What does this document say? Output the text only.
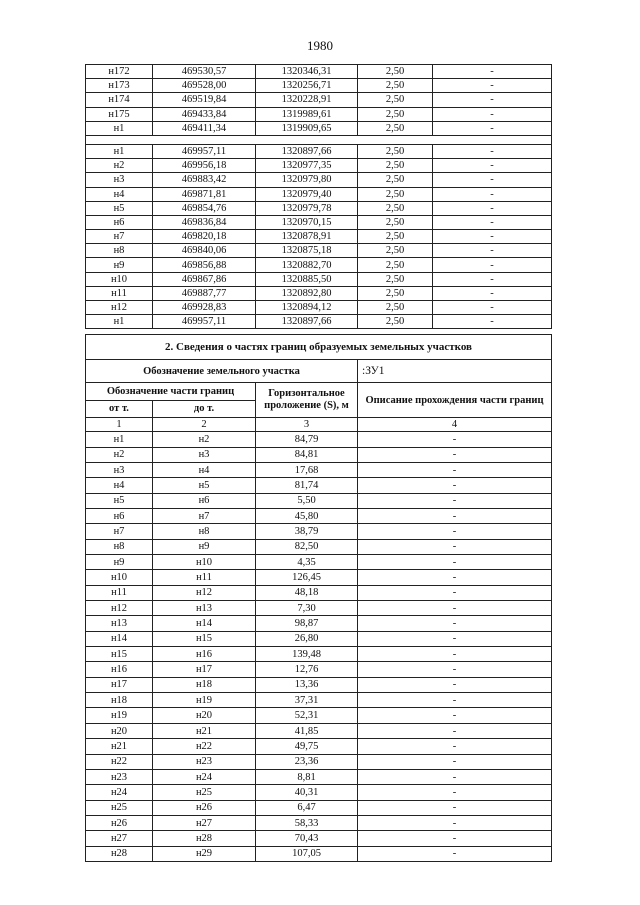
1980
н172	469530,57	1320346,31	2,50	-
н173	469528,00	1320256,71	2,50	-
н174	469519,84	1320228,91	2,50	-
н175	469433,84	1319989,61	2,50	-
н1	469411,34	1319909,65	2,50	-

н1	469957,11	1320897,66	2,50	-
н2	469956,18	1320977,35	2,50	-
н3	469883,42	1320979,80	2,50	-
н4	469871,81	1320979,40	2,50	-
н5	469854,76	1320979,78	2,50	-
н6	469836,84	1320970,15	2,50	-
н7	469820,18	1320878,91	2,50	-
н8	469840,06	1320875,18	2,50	-
н9	469856,88	1320882,70	2,50	-
н10	469867,86	1320885,50	2,50	-
н11	469887,77	1320892,80	2,50	-
н12	469928,83	1320894,12	2,50	-
н1	469957,11	1320897,66	2,50	-
2. Сведения о частях границ образуемых земельных участков			
Обозначение земельного участка			:ЗУ1
Обозначение части границ		Горизонтальное проложение (S), м	Описание прохождения части границ
от т.	до т.		
1	2	3	4
н1	н2	84,79	-
н2	н3	84,81	-
н3	н4	17,68	-
н4	н5	81,74	-
н5	н6	5,50	-
н6	н7	45,80	-
н7	н8	38,79	-
н8	н9	82,50	-
н9	н10	4,35	-
н10	н11	126,45	-
н11	н12	48,18	-
н12	н13	7,30	-
н13	н14	98,87	-
н14	н15	26,80	-
н15	н16	139,48	-
н16	н17	12,76	-
н17	н18	13,36	-
н18	н19	37,31	-
н19	н20	52,31	-
н20	н21	41,85	-
н21	н22	49,75	-
н22	н23	23,36	-
н23	н24	8,81	-
н24	н25	40,31	-
н25	н26	6,47	-
н26	н27	58,33	-
н27	н28	70,43	-
н28	н29	107,05	-
